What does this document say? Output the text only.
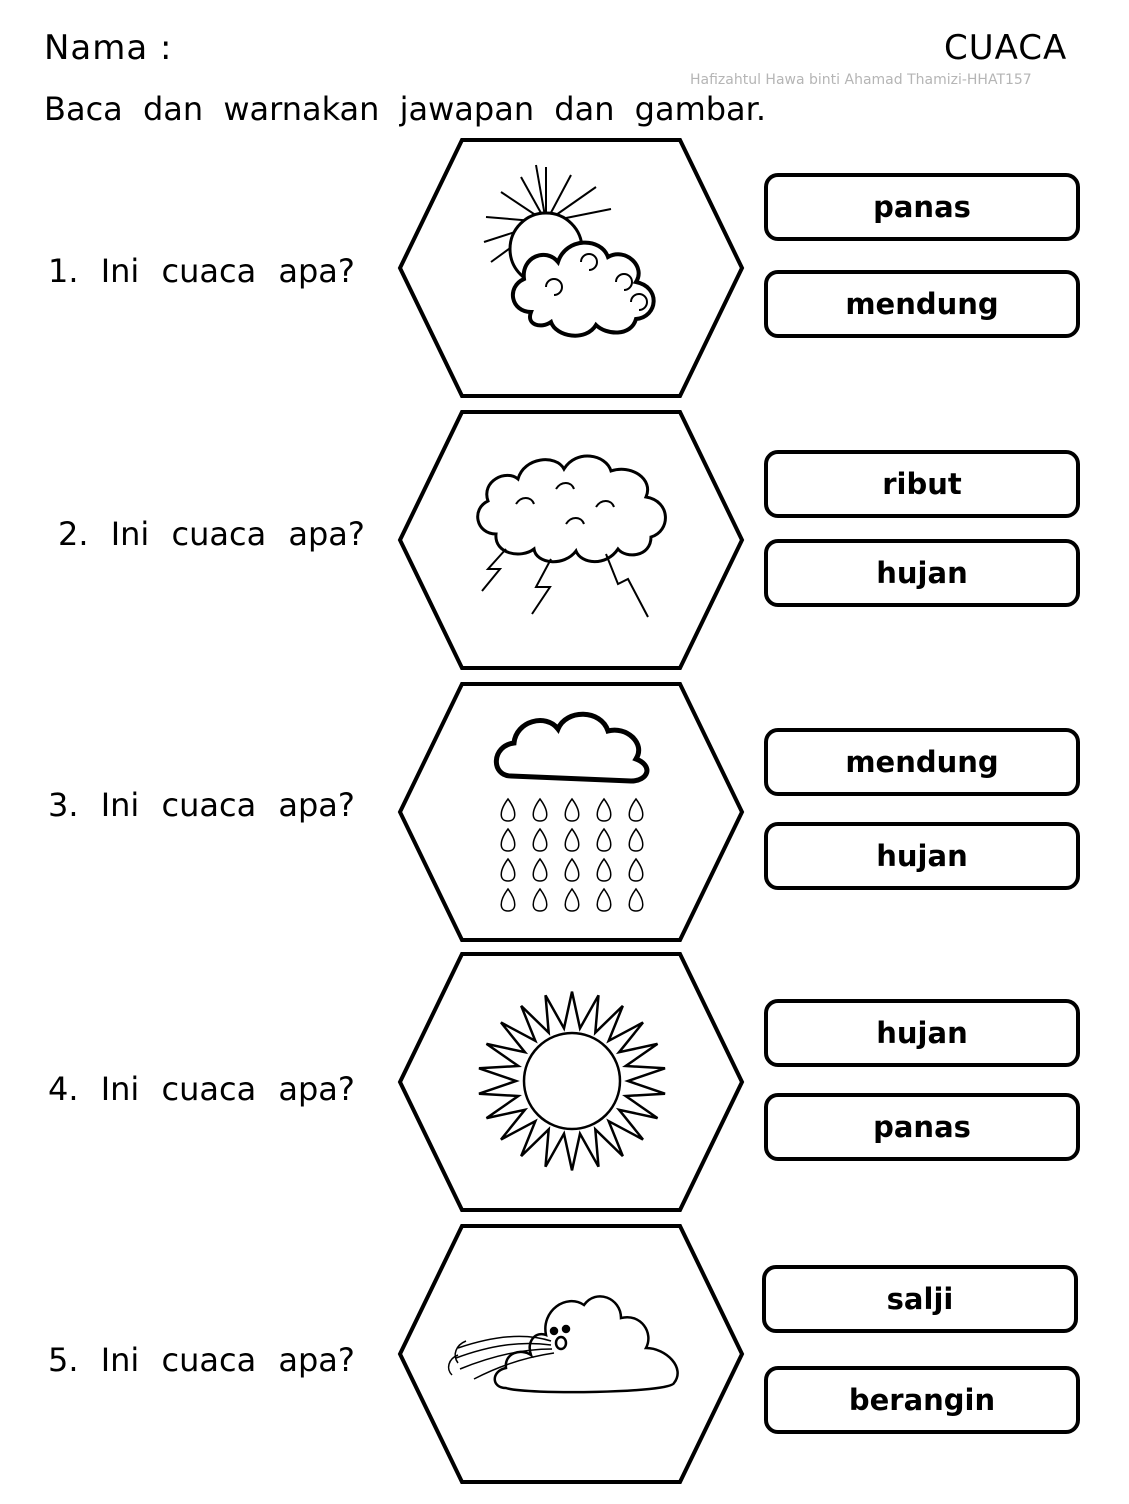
Nama :	CUACA
Hafizahtul Hawa binti Ahamad Thamizi-HHAT157
Baca dan warnakan jawapan dan gambar.
1. Ini cuaca apa?
panas
mendung
2. Ini cuaca apa?
ribut
hujan
3. Ini cuaca apa?
mendung
hujan
4. Ini cuaca apa?
hujan
panas
5. Ini cuaca apa?
salji
berangin
